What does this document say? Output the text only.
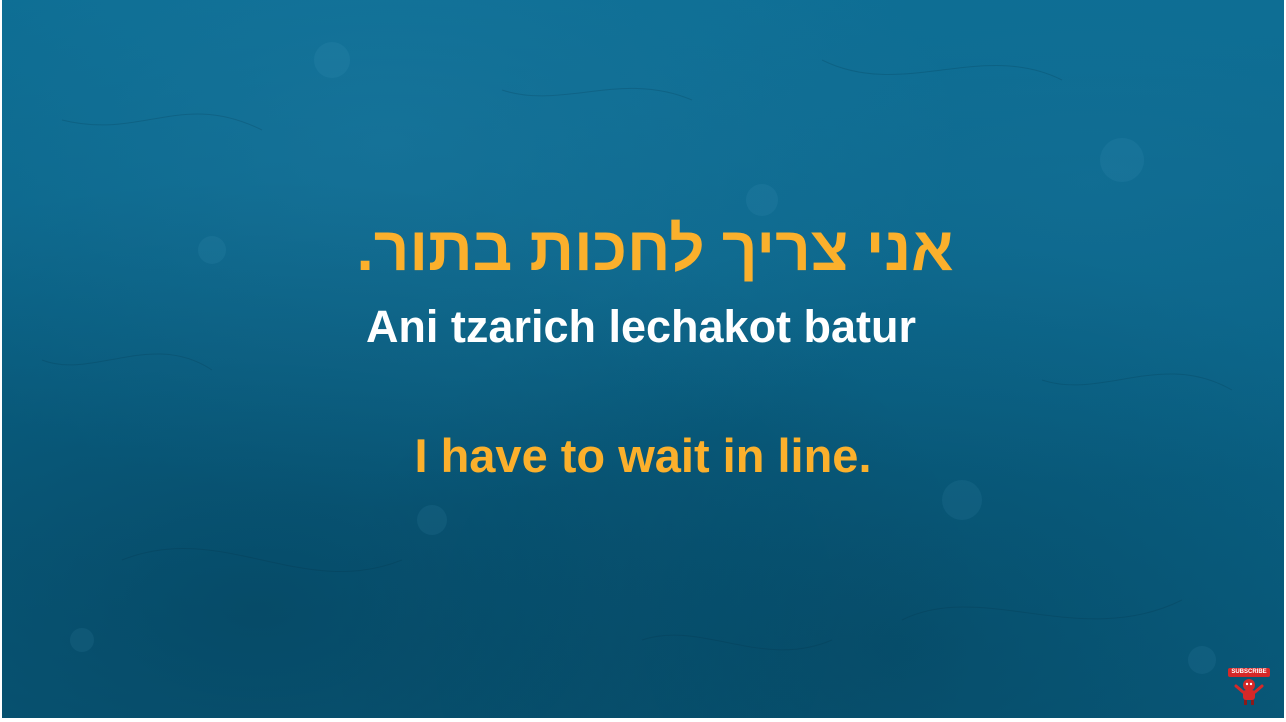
אני צריך לחכות בתור.
Ani tzarich lechakot batur
I have to wait in line.
SUBSCRIBE
